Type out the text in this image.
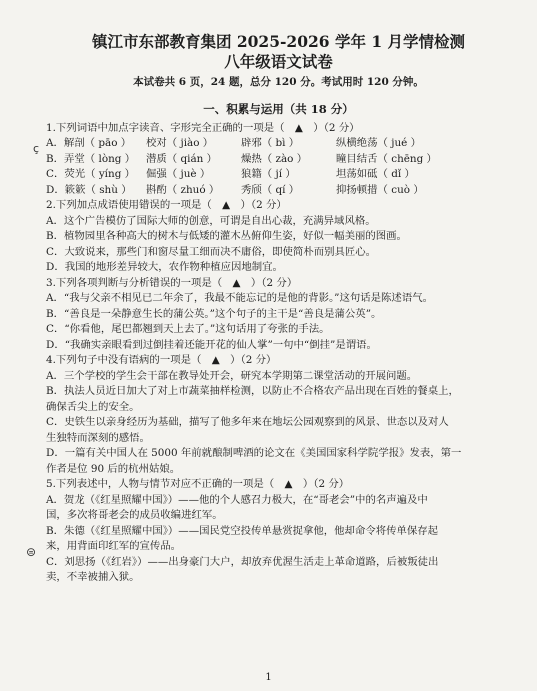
ç
⊜
镇江市东部教育集团 2025-2026 学年 1 月学情检测
八年级语文试卷
本试卷共 6 页，24 题，总分 120 分。考试用时 120 分钟。
一、积累与运用（共 18 分）
1.下列词语中加点字读音、字形完全正确的一项是（　▲　）（2 分）
A．解剖（ pāo ）	校对（ jiào ）	辟邪（ bì ）	纵横绝荡（ jué ）
B．弄堂（ lòng ）	潜质（ qián ）	燥热（ zào ）	瞳目结舌（ chēng ）
C．荧光（ yíng ）	倔强（ juè ）	狼籍（ jí ）	坦荡如砥（ dǐ ）
D．簌簌（ shù ）	斟酌（ zhuó ）	秀颀（ qí ）	抑扬顿措（ cuò ）
2.下列加点成语使用错误的一项是（　▲　）（2 分）
A．这个广告模仿了国际大师的创意，可谓是自出心裁，充满异域风格。
B．植物园里各种高大的树木与低矮的灌木丛俯仰生姿，好似一幅美丽的图画。
C．大致说来，那些门和窗尽量工细而决不庸俗，即使简朴而别具匠心。
D．我国的地形差异较大，农作物种植应因地制宜。
3.下列各项判断与分析错误的一项是（　▲　）（2 分）
A．“我与父亲不相见已二年余了，我最不能忘记的是他的背影。”这句话是陈述语气。
B．“善良是一朵静意生长的蒲公英。”这个句子的主干是“善良是蒲公英”。
C．“你看他，尾巴都翘到天上去了。”这句话用了夸张的手法。
D．“我确实亲眼看到过倒挂着还能开花的仙人掌”一句中“倒挂”是谓语。
4.下列句子中没有语病的一项是（　▲　）（2 分）
A．三个学校的学生会干部在教导处开会，研究本学期第二课堂活动的开展问题。
B．执法人员近日加大了对上市蔬菜抽样检测，以防止不合格农产品出现在百姓的餐桌上，
确保舌尖上的安全。
C．史铁生以亲身经历为基础，描写了他多年来在地坛公园观察到的风景、世态以及对人
生独特而深刻的感悟。
D．一篇有关中国人在 5000 年前就酿制啤酒的论文在《美国国家科学院学报》发表，第一
作者是位 90 后的杭州姑娘。
5.下列表述中，人物与情节对应不正确的一项是（　▲　）（2 分）
A．贺龙（《红星照耀中国》）——他的个人感召力极大，在“哥老会”中的名声遍及中
国，多次将哥老会的成员收编进红军。
B．朱德（《红星照耀中国》）——国民党空投传单悬赏捉拿他，他却命令将传单保存起
来，用背面印红军的宣传品。
C．刘思扬（《红岩》）——出身豪门大户，却放弃优渥生活走上革命道路，后被叛徒出
卖，不幸被捕入狱。
1
